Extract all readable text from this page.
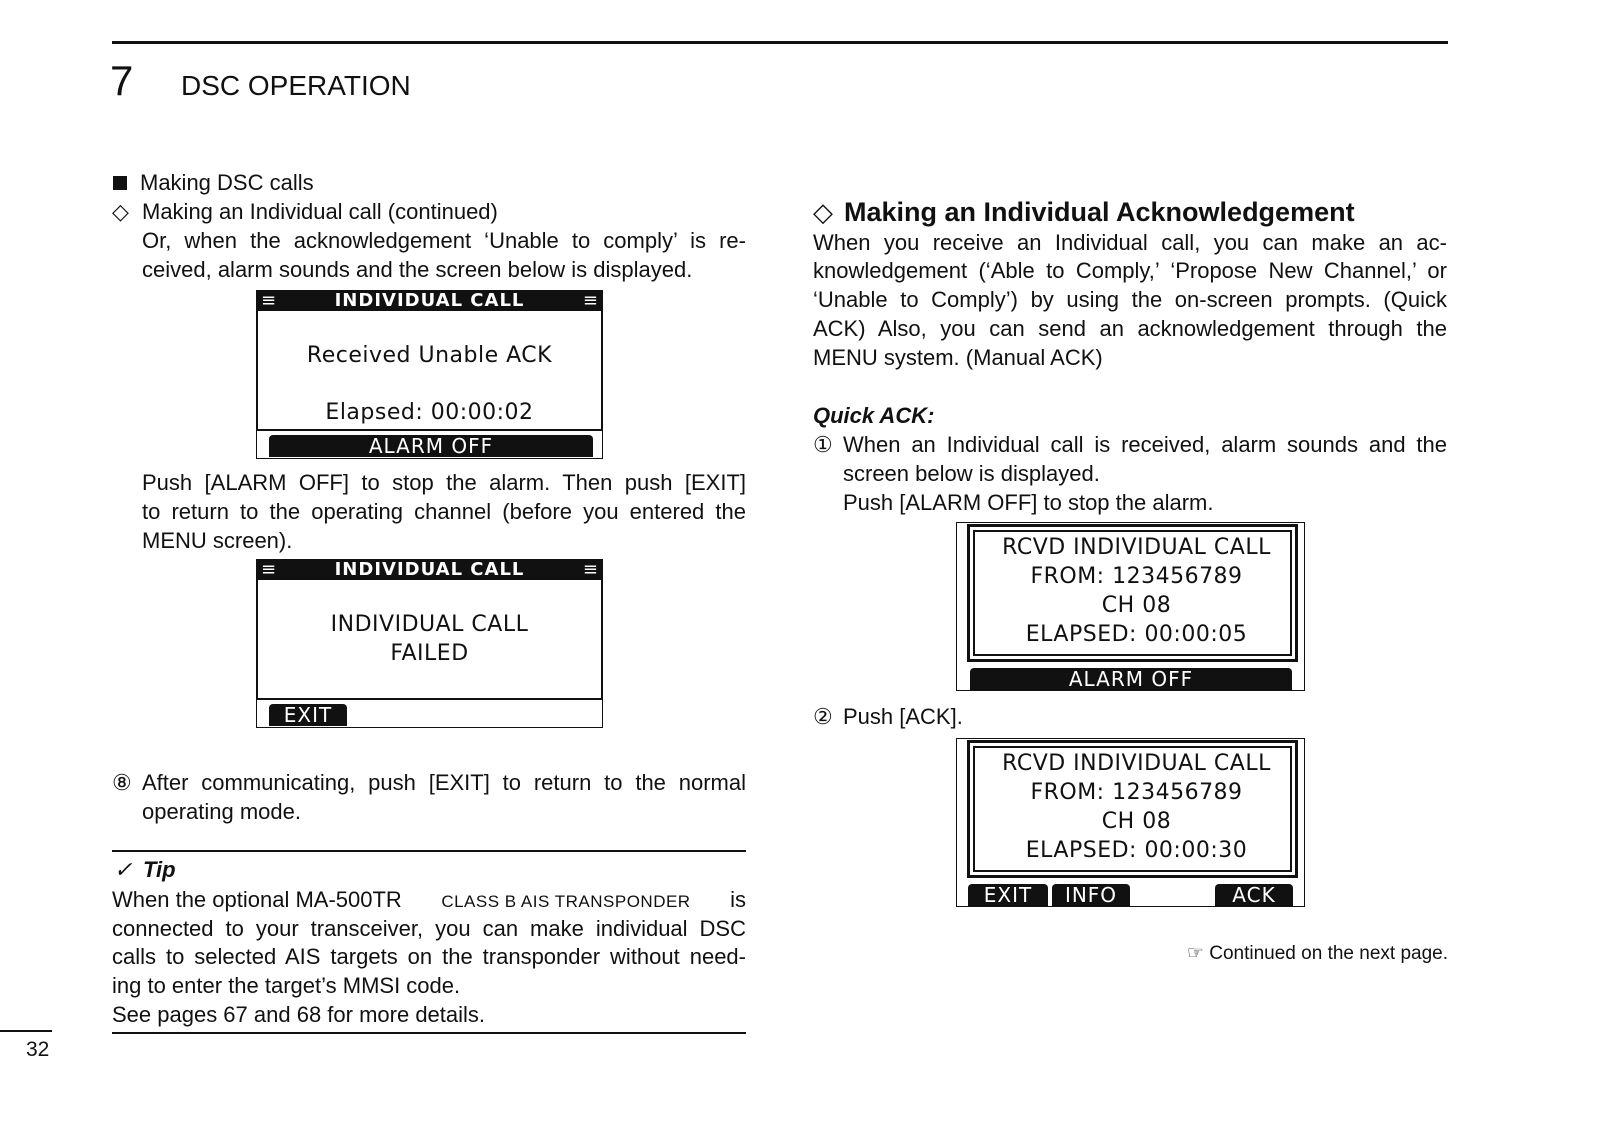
7 DSC OPERATION
Making DSC calls
◇ Making an Individual call (continued)
Or, when the acknowledgement ‘Unable to comply’ is re-
ceived, alarm sounds and the screen below is displayed.
INDIVIDUAL CALL
≡	≡
Received Unable ACK
Elapsed: 00:00:02
ALARM OFF
Push [ALARM OFF] to stop the alarm. Then push [EXIT]
to return to the operating channel (before you entered the
MENU screen).
INDIVIDUAL CALL
≡	≡
INDIVIDUAL CALL
FAILED
EXIT
⑧ After communicating, push [EXIT] to return to the normal
operating mode.
✓ Tip
When the optional MA-500TR CLASS B AIS TRANSPONDER is
connected to your transceiver, you can make individual DSC
calls to selected AIS targets on the transponder without need-
ing to enter the target’s MMSI code.
See pages 67 and 68 for more details.
◇ Making an Individual Acknowledgement
When you receive an Individual call, you can make an ac-
knowledgement (‘Able to Comply,’ ‘Propose New Channel,’ or
‘Unable to Comply’) by using the on-screen prompts. (Quick
ACK) Also, you can send an acknowledgement through the
MENU system. (Manual ACK)
Quick ACK:
① When an Individual call is received, alarm sounds and the
screen below is displayed.
Push [ALARM OFF] to stop the alarm.
RCVD INDIVIDUAL CALL
FROM: 123456789
CH 08
ELAPSED: 00:00:05
ALARM OFF
② Push [ACK].
RCVD INDIVIDUAL CALL
FROM: 123456789
CH 08
ELAPSED: 00:00:30
EXIT	INFO	ACK
☞ Continued on the next page.
32
